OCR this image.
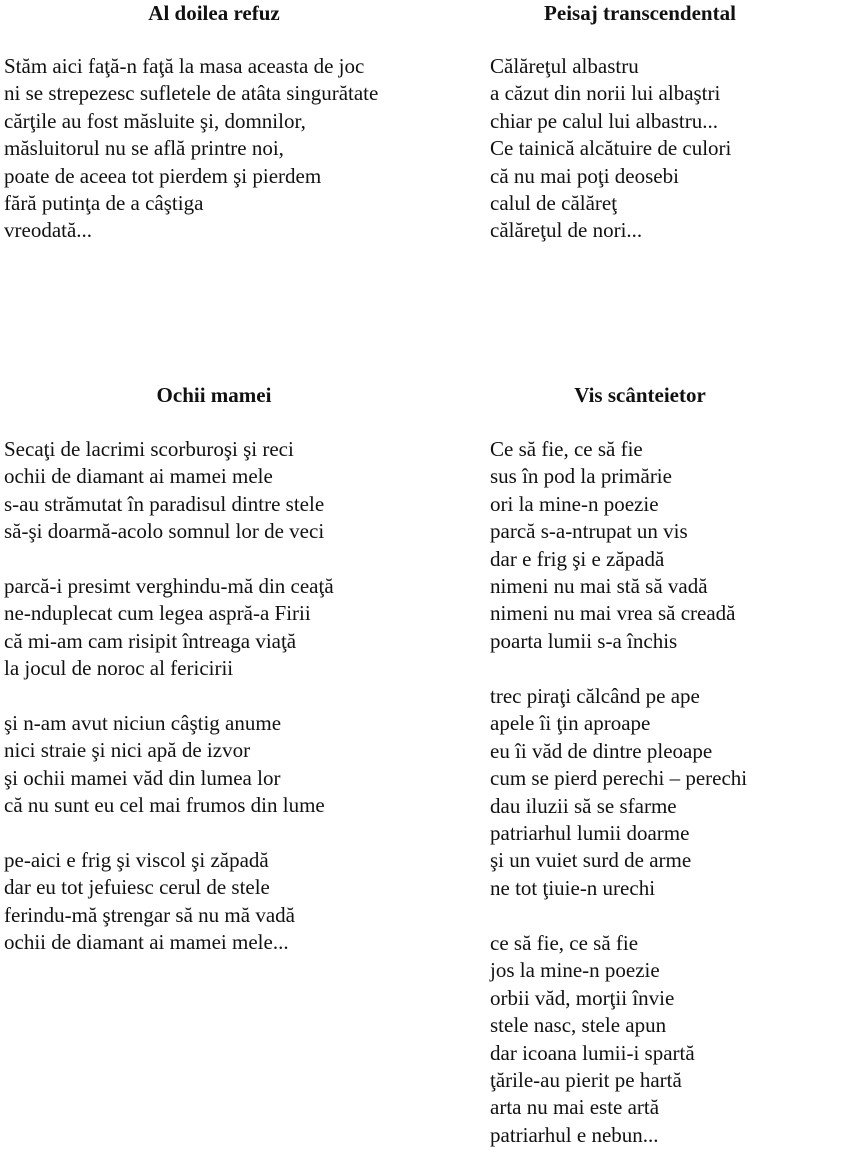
Al doilea refuz
Stăm aici faţă-n faţă la masa aceasta de joc
ni se strepezesc sufletele de atâta singurătate
cărţile au fost măsluite şi, domnilor,
măsluitorul nu se află printre noi,
poate de aceea tot pierdem şi pierdem
fără putinţa de a câştiga
vreodată...
Peisaj transcendental
Călăreţul albastru
a căzut din norii lui albaştri
chiar pe calul lui albastru...
Ce tainică alcătuire de culori
că nu mai poţi deosebi
calul de călăreţ
călăreţul de nori...
Ochii mamei
Secaţi de lacrimi scorburoşi şi reci
ochii de diamant ai mamei mele
s-au strămutat în paradisul dintre stele
să-şi doarmă-acolo somnul lor de veci
parcă-i presimt verghindu-mă din ceaţă
ne-nduplecat cum legea aspră-a Firii
că mi-am cam risipit întreaga viaţă
la jocul de noroc al fericirii
şi n-am avut niciun câştig anume
nici straie şi nici apă de izvor
şi ochii mamei văd din lumea lor
că nu sunt eu cel mai frumos din lume
pe-aici e frig şi viscol şi zăpadă
dar eu tot jefuiesc cerul de stele
ferindu-mă ştrengar să nu mă vadă
ochii de diamant ai mamei mele...
Vis scânteietor
Ce să fie, ce să fie
sus în pod la primărie
ori la mine-n poezie
parcă s-a-ntrupat un vis
dar e frig şi e zăpadă
nimeni nu mai stă să vadă
nimeni nu mai vrea să creadă
poarta lumii s-a închis
trec piraţi călcând pe ape
apele îi ţin aproape
eu îi văd de dintre pleoape
cum se pierd perechi – perechi
dau iluzii să se sfarme
patriarhul lumii doarme
şi un vuiet surd de arme
ne tot ţiuie-n urechi
ce să fie, ce să fie
jos la mine-n poezie
orbii văd, morţii învie
stele nasc, stele apun
dar icoana lumii-i spartă
ţările-au pierit pe hartă
arta nu mai este artă
patriarhul e nebun...
